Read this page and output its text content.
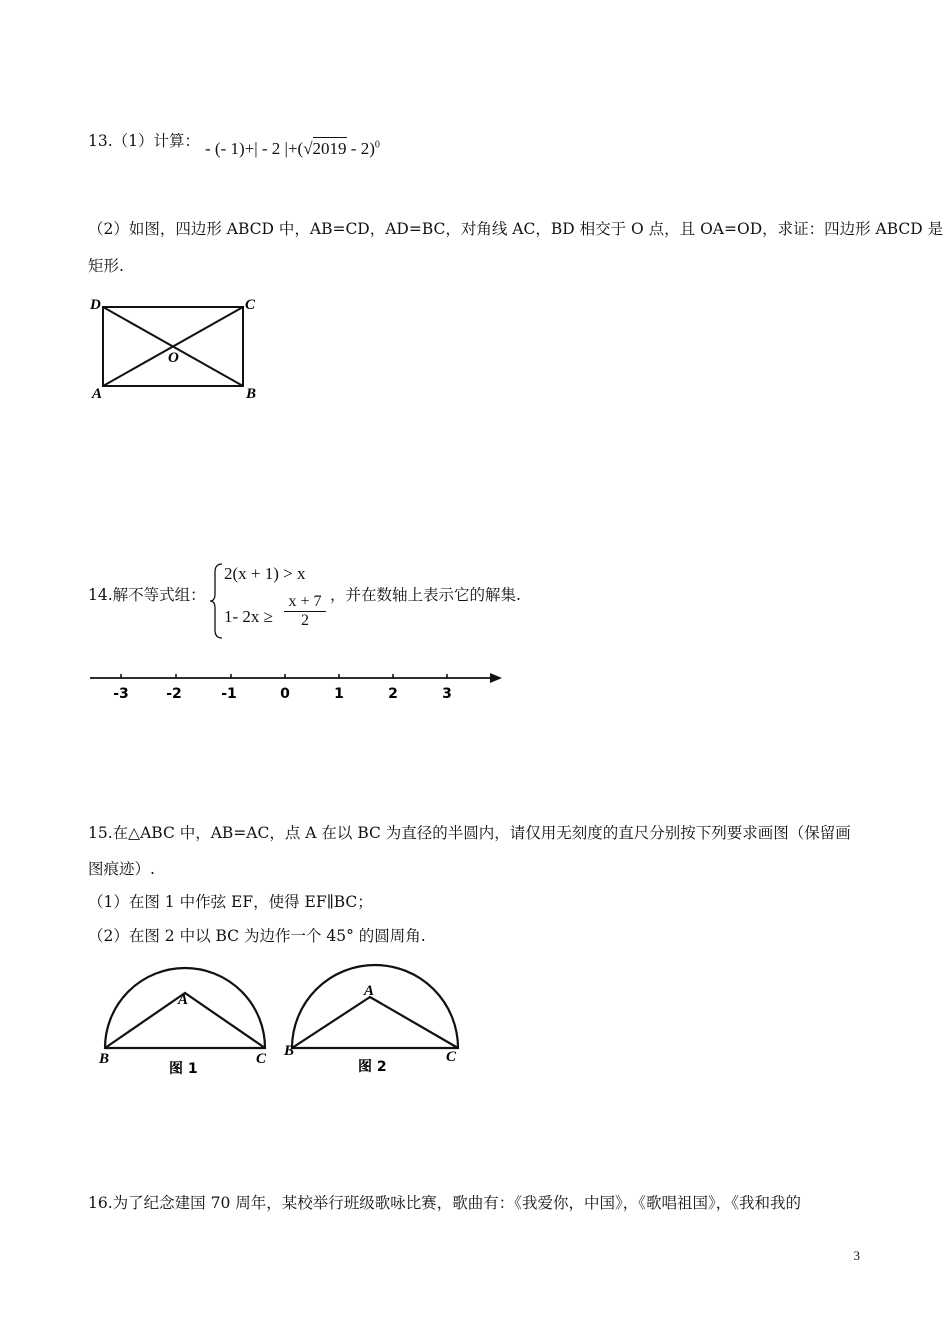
13.（1）计算： - (- 1)+| - 2 |+(√2019 - 2)$^0$
（2）如图，四边形 ABCD 中，AB=CD，AD=BC，对角线 AC，BD 相交于 O 点，且 OA=OD，求证：四边形 ABCD 是
矩形.
D	C
A	B
O
14.解不等式组：
2(x + 1) > x
1- 2x ≥
x + 7
2
，并在数轴上表示它的解集.
-3	-2	-1	0	1	2	3
15.在△ABC 中，AB=AC，点 A 在以 BC 为直径的半圆内，请仅用无刻度的直尺分别按下列要求画图（保留画
图痕迹）.
（1）在图 1 中作弦 EF，使得 EF∥BC；
（2）在图 2 中以 BC 为边作一个 45° 的圆周角.
A
B	C
图 1
A
B	C
图 2
16.为了纪念建国 70 周年，某校举行班级歌咏比赛，歌曲有：《我爱你，中国》，《歌唱祖国》，《我和我的
3
